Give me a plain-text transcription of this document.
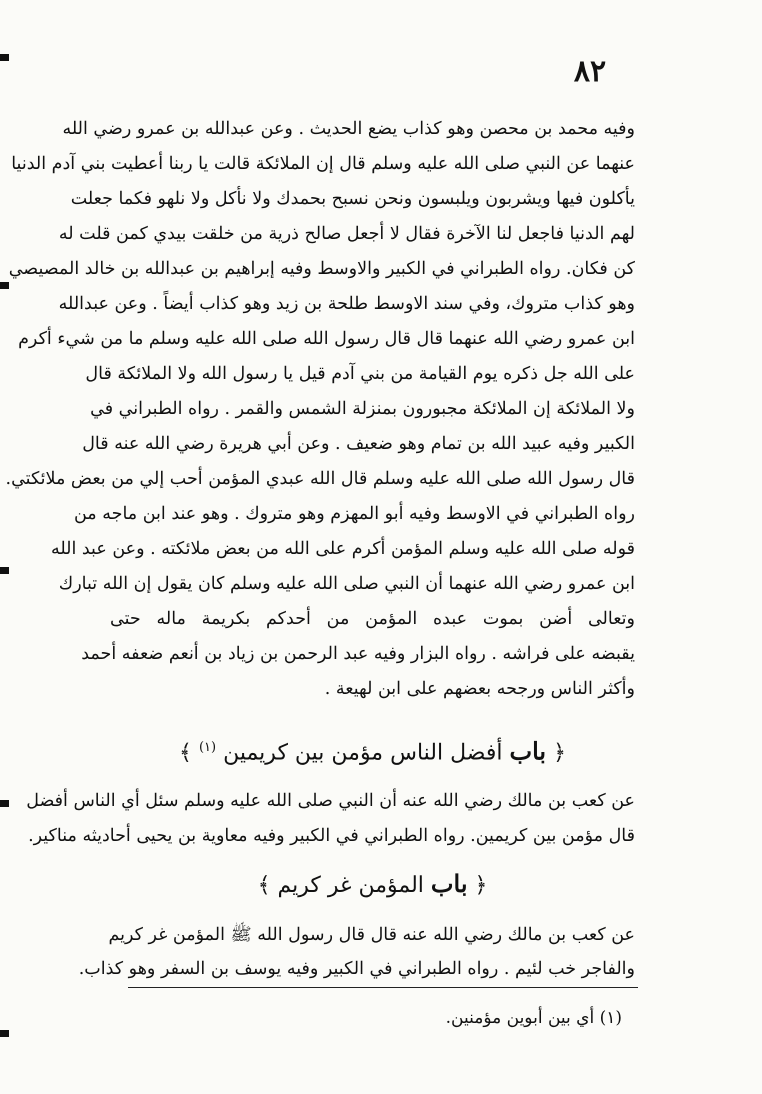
٨٢
وفيه محمد بن محصن وهو كذاب يضع الحديث . وعن عبدالله بن عمرو رضي الله
عنهما عن النبي صلى الله عليه وسلم قال إن الملائكة قالت يا ربنا أعطيت بني آدم الدنيا
يأكلون فيها ويشربون ويلبسون ونحن نسبح بحمدك ولا نأكل ولا نلهو فكما جعلت
لهم الدنيا فاجعل لنا الآخرة فقال لا أجعل صالح ذرية من خلقت بيدي كمن قلت له
كن فكان. رواه الطبراني في الكبير والاوسط وفيه إبراهيم بن عبدالله بن خالد المصيصي
وهو كذاب متروك، وفي سند الاوسط طلحة بن زيد وهو كذاب أيضاً . وعن عبدالله
ابن عمرو رضي الله عنهما قال قال رسول الله صلى الله عليه وسلم ما من شيء أكرم
على الله جل ذكره يوم القيامة من بني آدم قيل يا رسول الله ولا الملائكة قال
ولا الملائكة إن الملائكة مجبورون بمنزلة الشمس والقمر . رواه الطبراني في
الكبير وفيه عبيد الله بن تمام وهو ضعيف . وعن أبي هريرة رضي الله عنه قال
قال رسول الله صلى الله عليه وسلم قال الله عبدي المؤمن أحب إلي من بعض ملائكتي.
رواه الطبراني في الاوسط وفيه أبو المهزم وهو متروك . وهو عند ابن ماجه من
قوله صلى الله عليه وسلم المؤمن أكرم على الله من بعض ملائكته . وعن عبد الله
ابن عمرو رضي الله عنهما أن النبي صلى الله عليه وسلم كان يقول إن الله تبارك
وتعالى أضن بموت عبده المؤمن من أحدكم بكريمة ماله حتى
يقبضه على فراشه . رواه البزار وفيه عبد الرحمن بن زياد بن أنعم ضعفه أحمد
وأكثر الناس ورجحه بعضهم على ابن لهيعة .
﴿ باب أفضل الناس مؤمن بين كريمين $^{(١)}$ ﴾
عن كعب بن مالك رضي الله عنه أن النبي صلى الله عليه وسلم سئل أي الناس أفضل
قال مؤمن بين كريمين. رواه الطبراني في الكبير وفيه معاوية بن يحيى أحاديثه مناكير.
﴿ باب المؤمن غر كريم ﴾
عن كعب بن مالك رضي الله عنه قال قال رسول الله ﷺ المؤمن غر كريم
والفاجر خب لئيم . رواه الطبراني في الكبير وفيه يوسف بن السفر وهو كذاب.
(١) أي بين أبوين مؤمنين.
